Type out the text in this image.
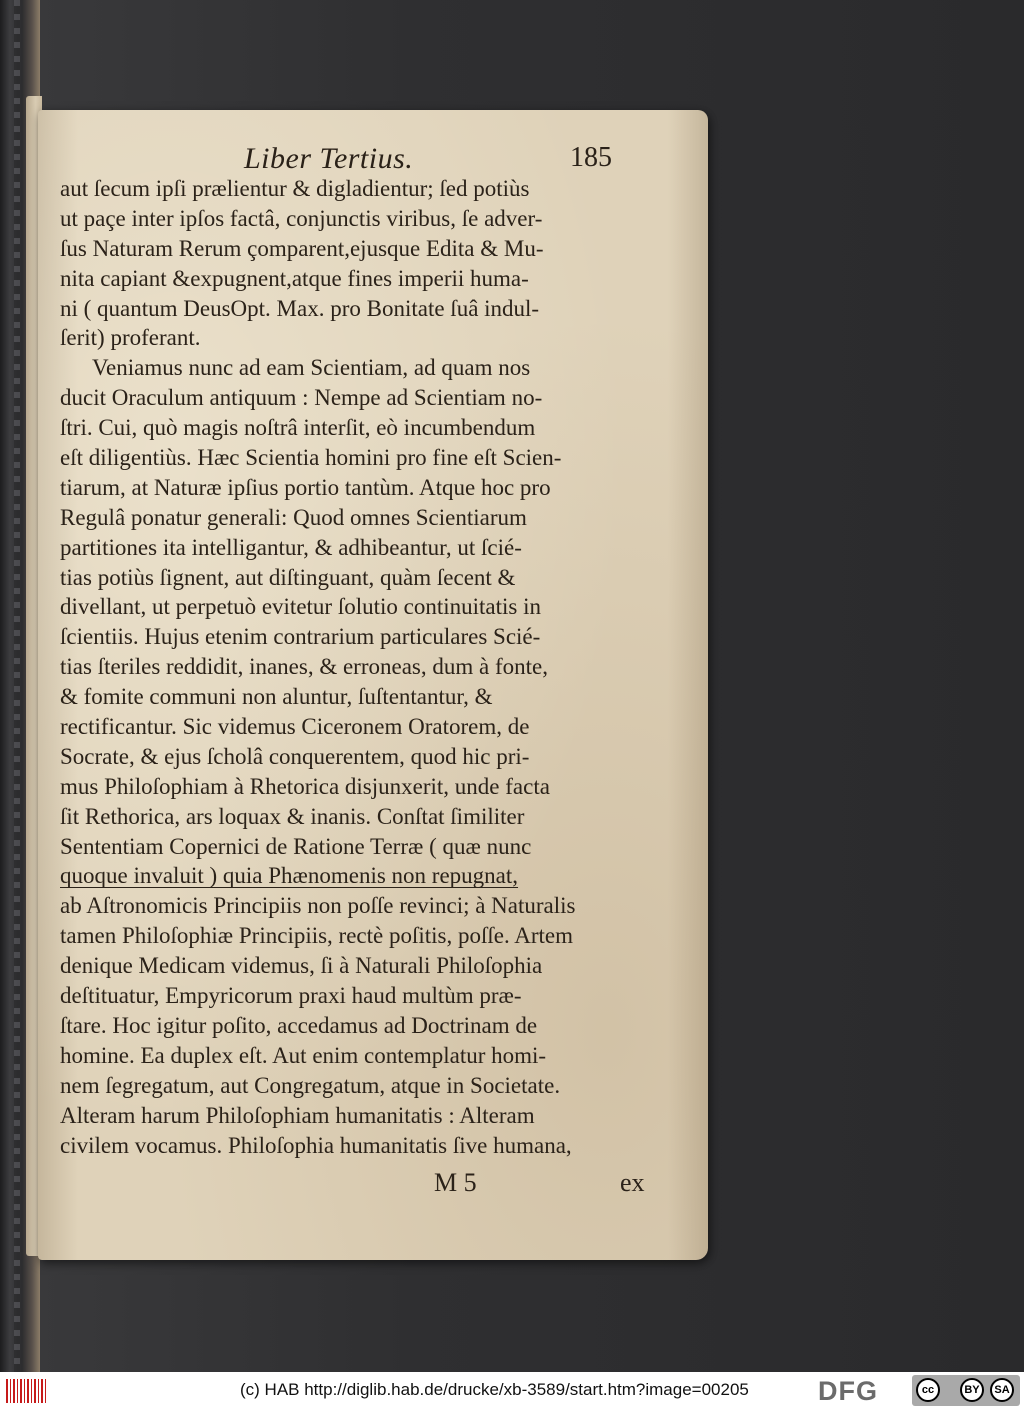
Liber Tertius.	185
aut ſecum ipſi prælientur & digladientur; ſed potiùs
ut paçe inter ipſos factâ, conjunctis viribus, ſe adver-
ſus Naturam Rerum çomparent,ejusque Edita & Mu-
nita capiant &expugnent,atque fines imperii huma-
ni ( quantum DeusOpt. Max. pro Bonitate ſuâ indul-
ſerit) proferant.
Veniamus nunc ad eam Scientiam, ad quam nos
ducit Oraculum antiquum : Nempe ad Scientiam no-
ſtri. Cui, quò magis noſtrâ interſit, eò incumbendum
eſt diligentiùs. Hæc Scientia homini pro fine eſt Scien-
tiarum, at Naturæ ipſius portio tantùm. Atque hoc pro
Regulâ ponatur generali: Quod omnes Scientiarum
partitiones ita intelligantur, & adhibeantur, ut ſcié-
tias potiùs ſignent, aut diſtinguant, quàm ſecent &
divellant, ut perpetuò evitetur ſolutio continuitatis in
ſcientiis. Hujus etenim contrarium particulares Scié-
tias ſteriles reddidit, inanes, & erroneas, dum à fonte,
& fomite communi non aluntur, ſuſtentantur, &
rectificantur. Sic videmus Ciceronem Oratorem, de
Socrate, & ejus ſcholâ conquerentem, quod hic pri-
mus Philoſophiam à Rhetorica disjunxerit, unde facta
ſit Rethorica, ars loquax & inanis. Conſtat ſimiliter
Sententiam Copernici de Ratione Terræ ( quæ nunc
quoque invaluit ) quia Phænomenis non repugnat,
ab Aſtronomicis Principiis non poſſe revinci; à Naturalis
tamen Philoſophiæ Principiis, rectè poſitis, poſſe. Artem
denique Medicam videmus, ſi à Naturali Philoſophia
deſtituatur, Empyricorum praxi haud multùm præ-
ſtare. Hoc igitur poſito, accedamus ad Doctrinam de
homine. Ea duplex eſt. Aut enim contemplatur homi-
nem ſegregatum, aut Congregatum, atque in Societate.
Alteram harum Philoſophiam humanitatis : Alteram
civilem vocamus. Philoſophia humanitatis ſive humana,
M 5	ex
(c) HAB http://diglib.hab.de/drucke/xb-3589/start.htm?image=00205	DFG	cc	BY	SA
